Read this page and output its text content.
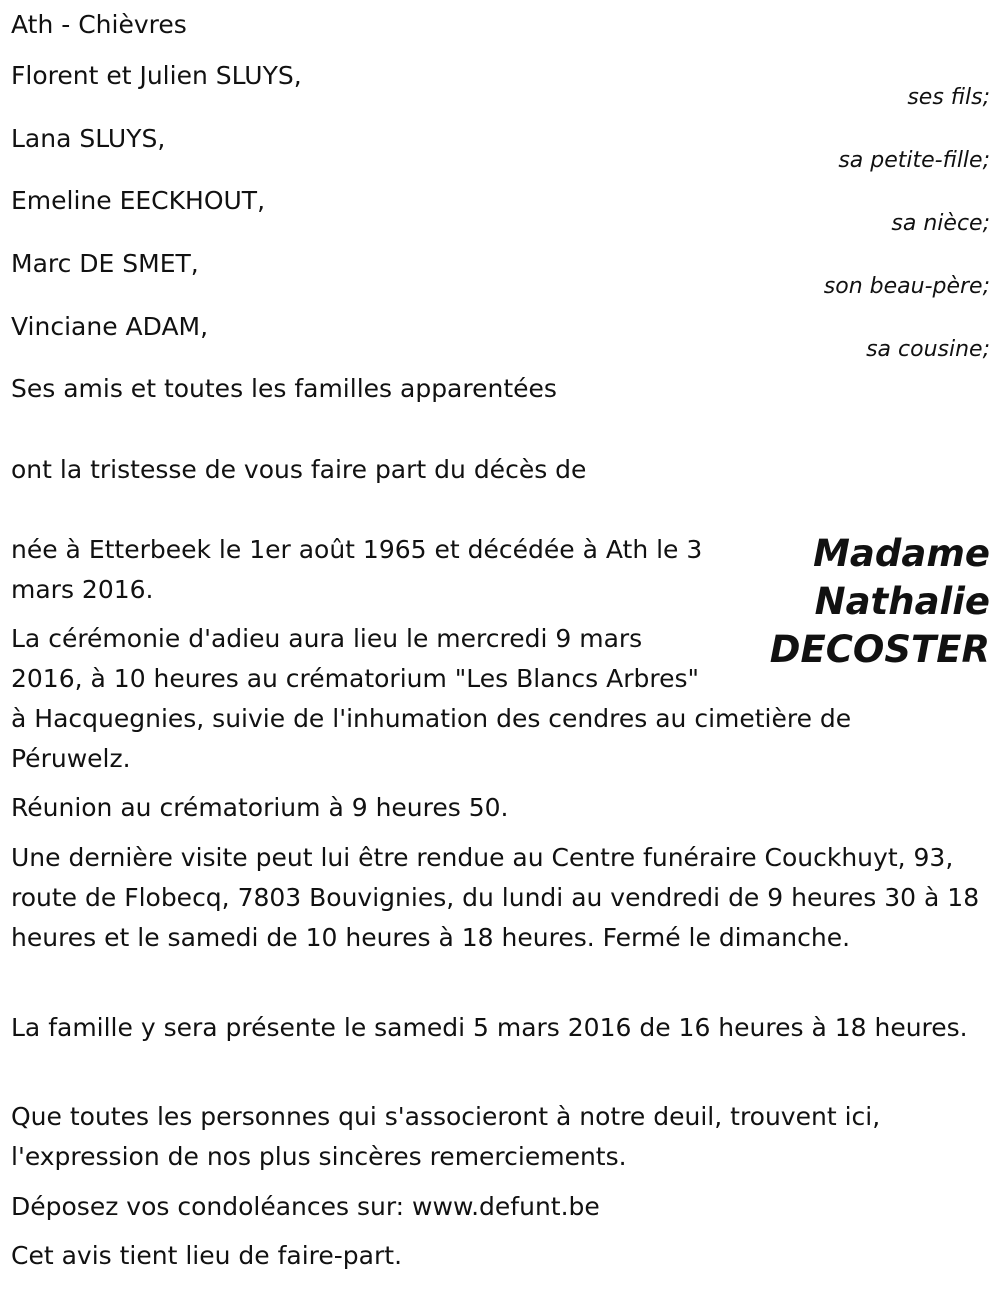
Ath - Chièvres
Florent et Julien SLUYS,
ses fils;
Lana SLUYS,
sa petite-fille;
Emeline EECKHOUT,
sa nièce;
Marc DE SMET,
son beau-père;
Vinciane ADAM,
sa cousine;
Ses amis et toutes les familles apparentées
ont la tristesse de vous faire part du décès de
Madame
Nathalie
DECOSTER
née à Etterbeek le 1er août 1965 et décédée à Ath le 3
mars 2016.
La cérémonie d'adieu aura lieu le mercredi 9 mars
2016, à 10 heures au crématorium "Les Blancs Arbres"
à Hacquegnies, suivie de l'inhumation des cendres au cimetière de
Péruwelz.
Réunion au crématorium à 9 heures 50.
Une dernière visite peut lui être rendue au Centre funéraire Couckhuyt, 93, route de Flobecq, 7803 Bouvignies, du lundi au vendredi de 9 heures 30 à 18 heures et le samedi de 10 heures à 18 heures. Fermé le dimanche.
La famille y sera présente le samedi 5 mars 2016 de 16 heures à 18 heures.
Que toutes les personnes qui s'associeront à notre deuil, trouvent ici, l'expression de nos plus sincères remerciements.
Déposez vos condoléances sur: www.defunt.be
Cet avis tient lieu de faire-part.
